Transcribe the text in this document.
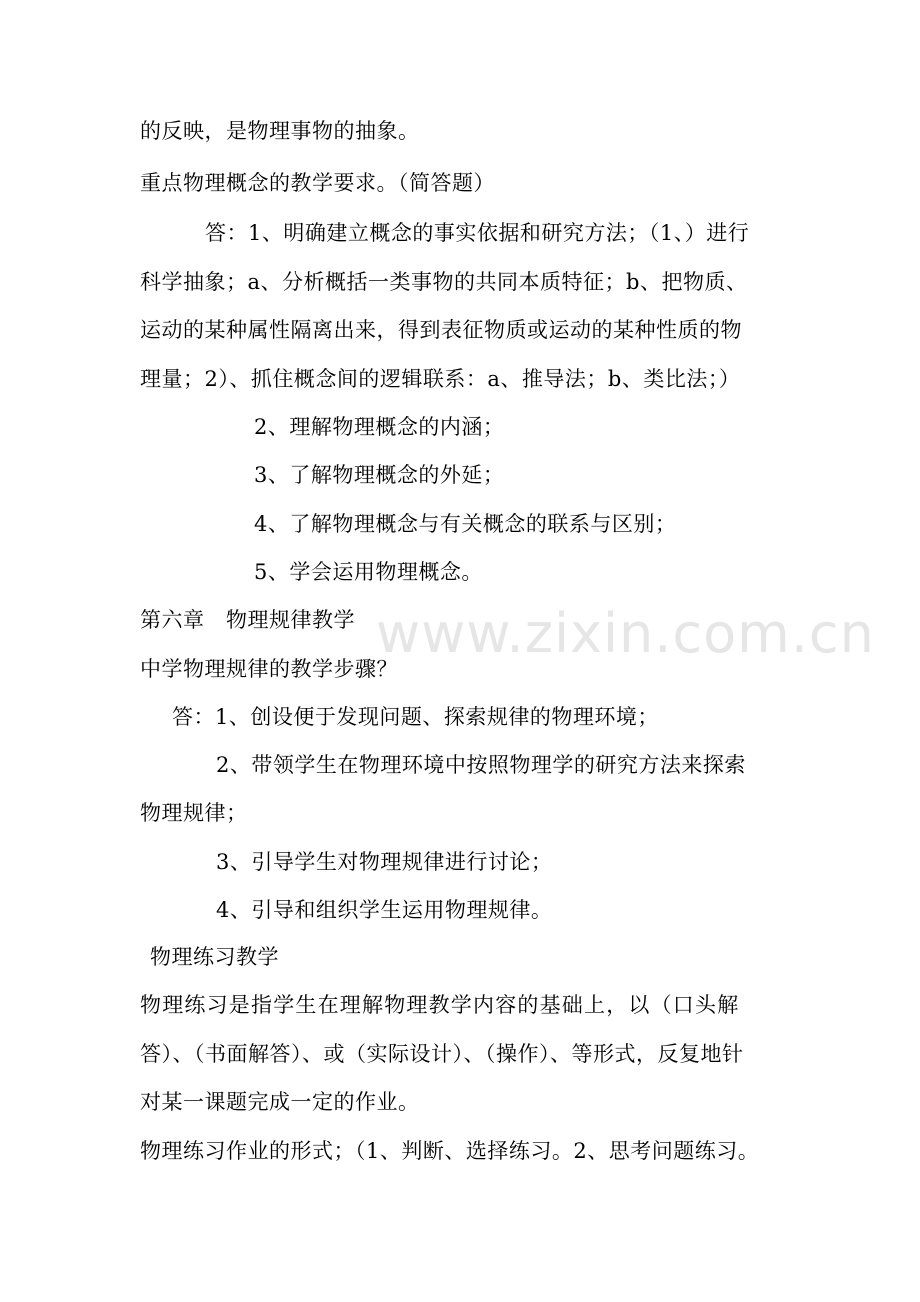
www.zixin.com.cn

的反映，是物理事物的抽象。

重点物理概念的教学要求。（简答题）

答：1、明确建立概念的事实依据和研究方法；（1、）进行

科学抽象；a、分析概括一类事物的共同本质特征；b、把物质、

运动的某种属性隔离出来，得到表征物质或运动的某种性质的物

理量；2）、抓住概念间的逻辑联系：a、推导法；b、类比法；）

2、理解物理概念的内涵；

3、了解物理概念的外延；

4、了解物理概念与有关概念的联系与区别；

5、学会运用物理概念。

第六章　物理规律教学

中学物理规律的教学步骤？

答：1、创设便于发现问题、探索规律的物理环境；

2、带领学生在物理环境中按照物理学的研究方法来探索

物理规律；

3、引导学生对物理规律进行讨论；

4、引导和组织学生运用物理规律。

物理练习教学

物理练习是指学生在理解物理教学内容的基础上，以（口头解

答）、（书面解答）、或（实际设计）、（操作）、等形式，反复地针

对某一课题完成一定的作业。

物理练习作业的形式；（1、判断、选择练习。2、思考问题练习。
